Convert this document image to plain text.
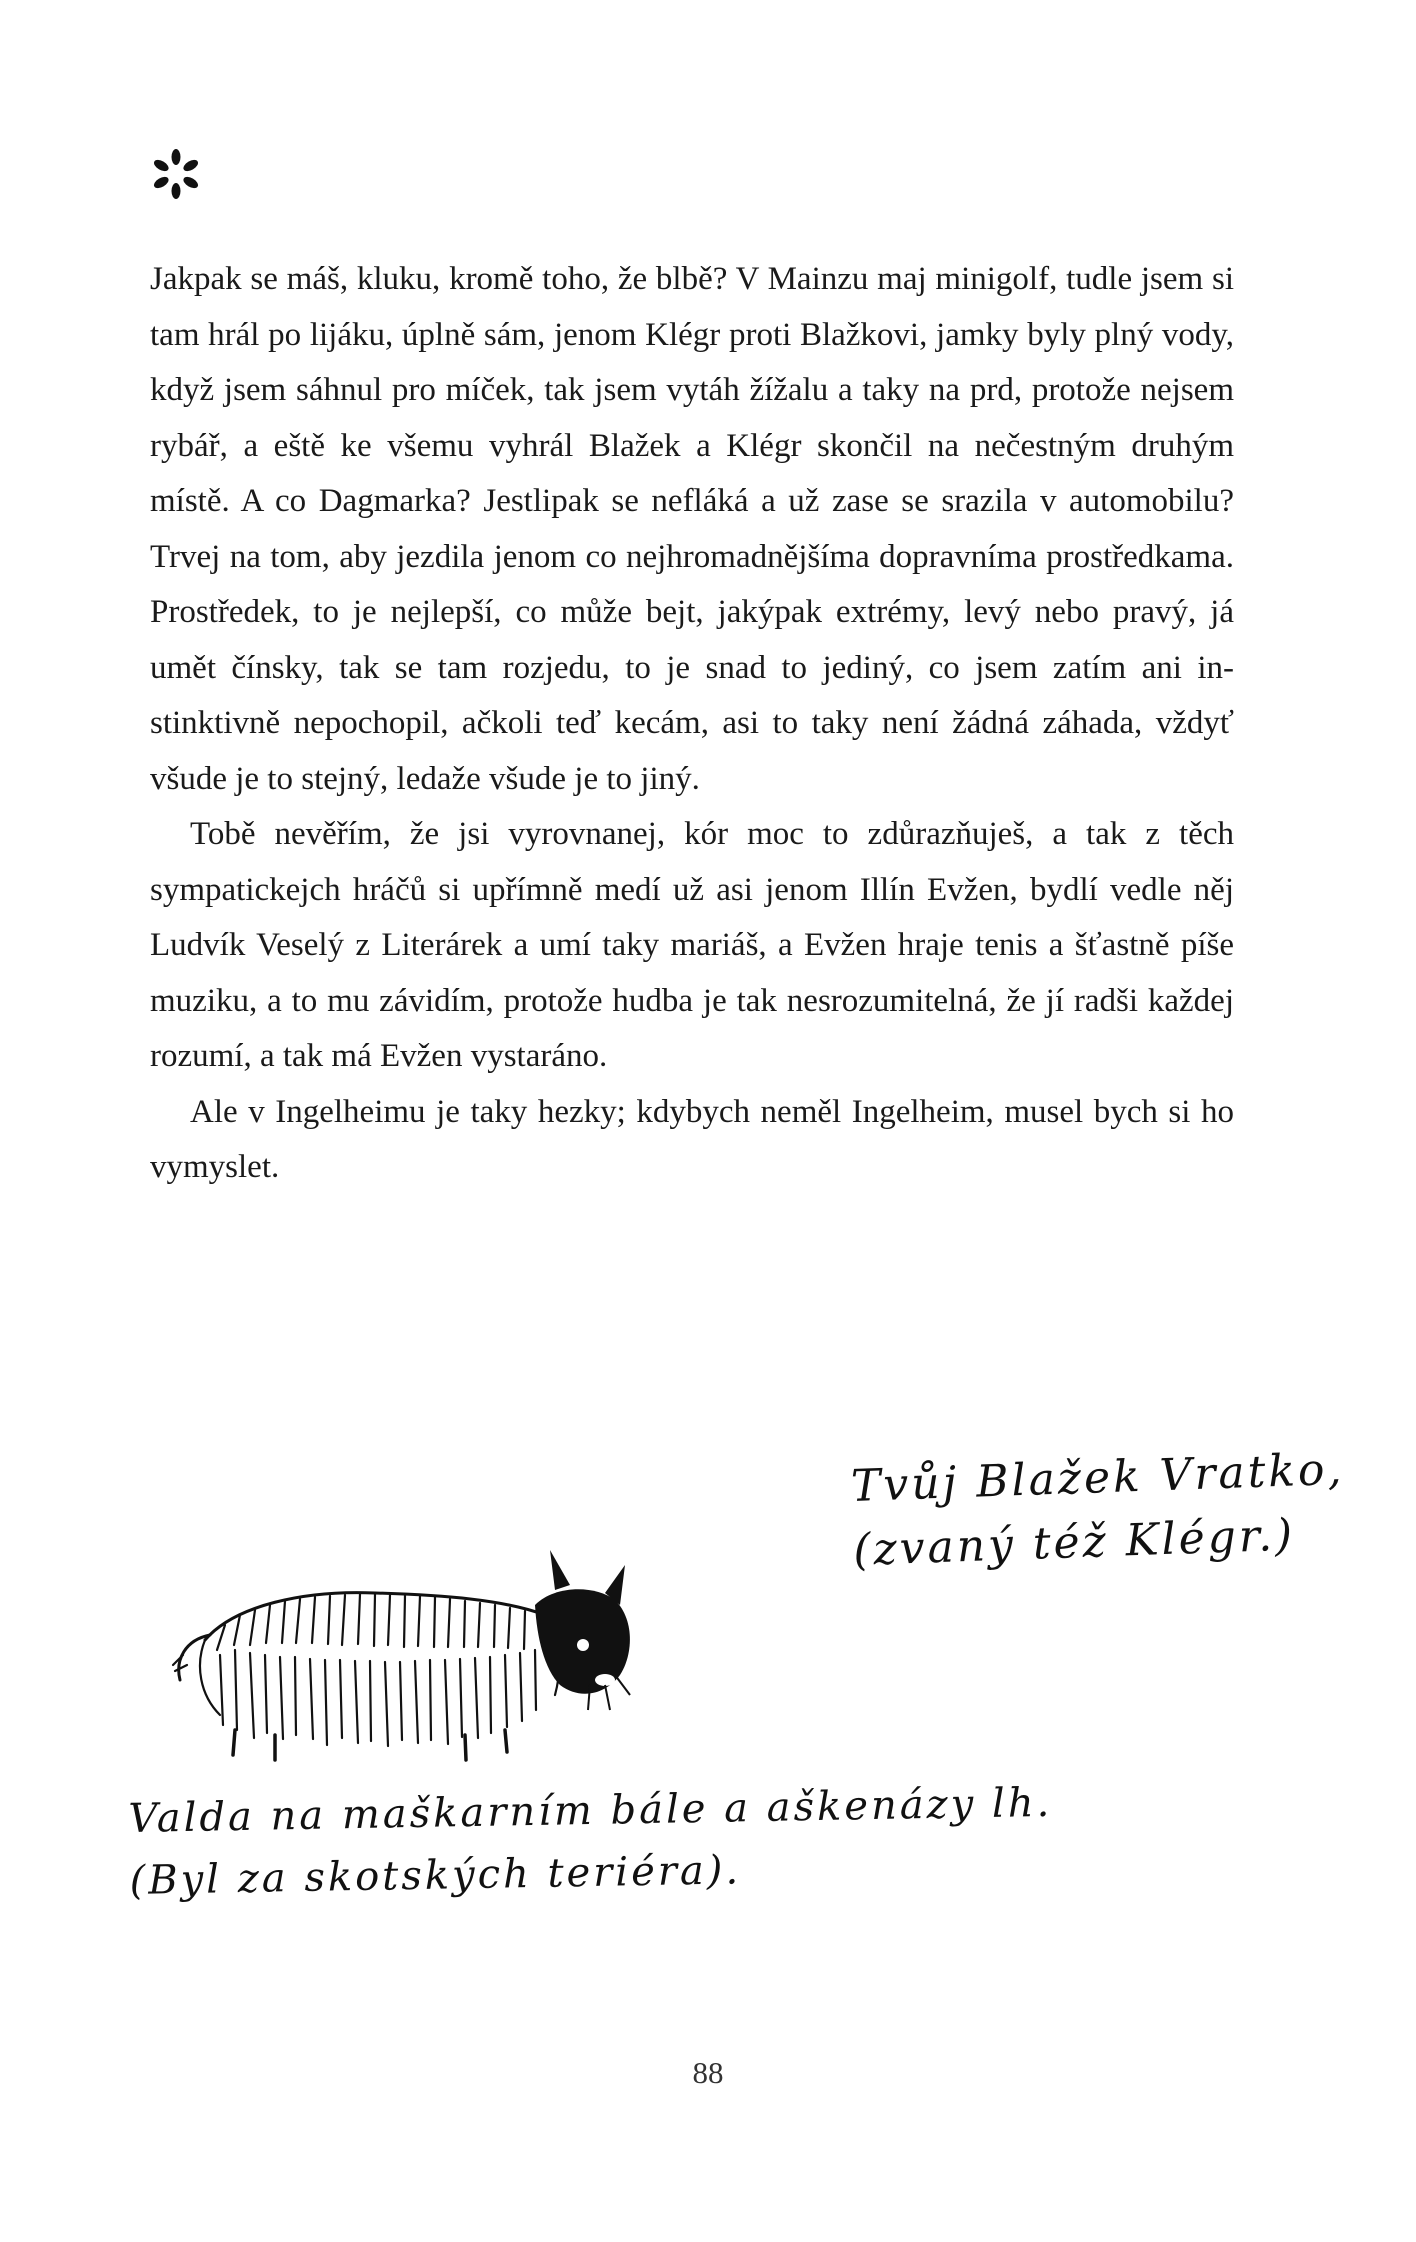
Jakpak se máš, kluku, kromě toho, že blbě? V Mainzu maj minigolf, tudle jsem si tam hrál po lijáku, úplně sám, jenom Klégr proti Blažkovi, jamky byly plný vody, když jsem sáhnul pro míček, tak jsem vytáh žížalu a taky na prd, protože nejsem rybář, a eště ke všemu vyhrál Blažek a Klégr skončil na nečestným druhým místě. A co Dagmarka? Jestlipak se nefláká a už zase se srazila v automobilu? Trvej na tom, aby jezdila jenom co nejhromadnějšíma dopravníma prostředkama. Prostředek, to je nejlepší, co může bejt, jakýpak extrémy, levý nebo pravý, já umět čínsky, tak se tam rozjedu, to je snad to jediný, co jsem zatím ani instinktivně nepochopil, ačkoli teď kecám, asi to taky není žádná záhada, vždyť všude je to stejný, ledaže všude je to jiný.

Tobě nevěřím, že jsi vyrovnanej, kór moc to zdůrazňuješ, a tak z těch sympatickejch hráčů si upřímně medí už asi jenom Illín Evžen, bydlí vedle něj Ludvík Veselý z Literárek a umí taky mariáš, a Evžen hraje tenis a šťastně píše muziku, a to mu závidím, protože hudba je tak nesrozumitelná, že jí radši každej rozumí, a tak má Evžen vystaráno.

Ale v Ingelheimu je taky hezky; kdybych neměl Ingelheim, musel bych si ho vymyslet.

Tvůj Blažek Vratko,
(zvaný též Klégr.)
Valda na maškarním bále a aškenázy lh.
(Byl za skotských teriéra).
88
